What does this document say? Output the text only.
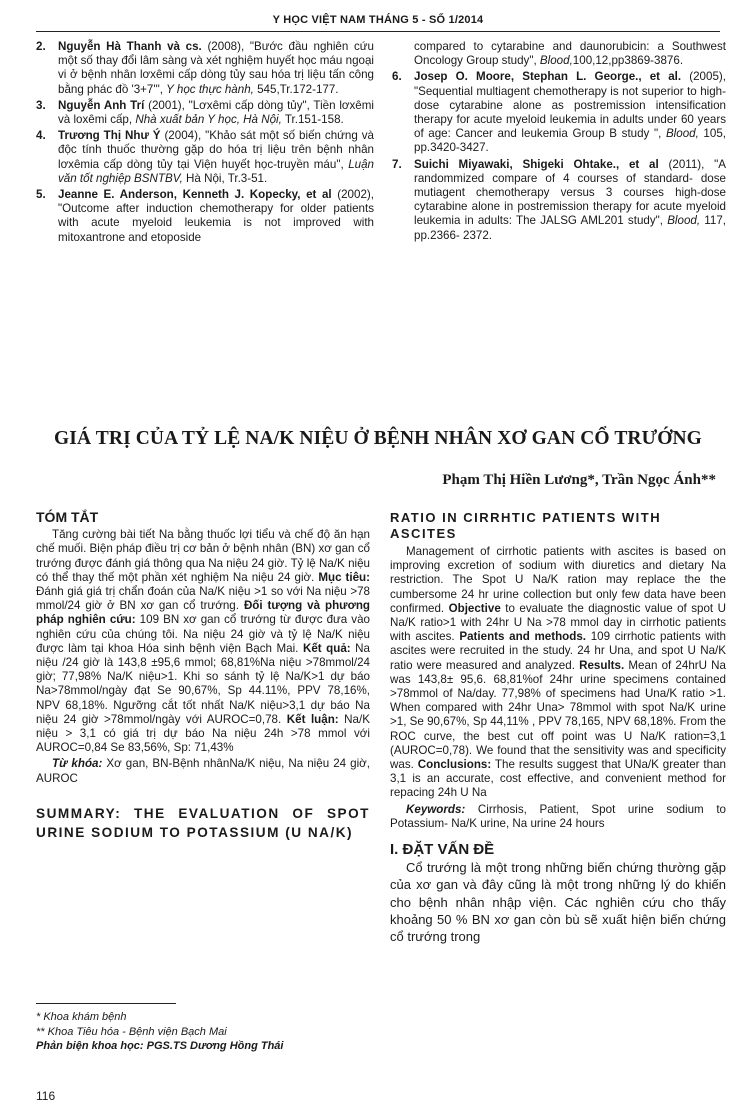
Y HỌC VIỆT NAM THÁNG 5 - SỐ 1/2014
2.	Nguyễn Hà Thanh và cs. (2008), "Bước đầu nghiên cứu một số thay đổi lâm sàng và xét nghiệm huyết học máu ngoại vi ở bệnh nhân lơxêmi cấp dòng tủy sau hóa trị liệu tấn công bằng phác đồ '3+7'", Y học thực hành, 545,Tr.172-177.
3.	Nguyễn Anh Trí (2001), "Lơxêmi cấp dòng tủy", Tiền lơxêmi và loxêmi cấp, Nhà xuất bản Y học, Hà Nội, Tr.151-158.
4.	Trương Thị Như Ý (2004), "Khảo sát một số biến chứng và độc tính thuốc thường gặp do hóa trị liệu trên bệnh nhân lơxêmia cấp dòng tủy tại Viện huyết học-truyền máu", Luận văn tốt nghiệp BSNTBV, Hà Nội, Tr.3-51.
5.	Jeanne E. Anderson, Kenneth J. Kopecky, et al (2002), "Outcome after induction chemotherapy for older patients with acute myeloid leukemia is not improved with mitoxantrone and etoposide
compared to cytarabine and daunorubicin: a Southwest Oncology Group study", Blood,100,12,pp3869-3876.
6.	Josep O. Moore, Stephan L. George., et al. (2005), "Sequential multiagent chemotherapy is not superior to high-dose cytarabine alone as postremission intensification therapy for acute myeloid leukemia in adults under 60 years of age: Cancer and leukemia Group B study ", Blood, 105, pp.3420-3427.
7.	Suichi Miyawaki, Shigeki Ohtake., et al (2011), "A randommized compare of 4 courses of standard- dose mutiagent chemotherapy versus 3 courses high-dose cytarabine alone in postremission therapy for acute myeloid leukemia in adults: The JALSG AML201 study", Blood, 117, pp.2366- 2372.
GIÁ TRỊ CỦA TỶ LỆ NA/K NIỆU Ở BỆNH NHÂN XƠ GAN CỔ TRƯỚNG
Phạm Thị Hiền Lương*, Trần Ngọc Ánh**
TÓM TẮT

Tăng cường bài tiết Na bằng thuốc lợi tiểu và chế độ ăn hạn chế muối. Biện pháp điều trị cơ bản ở bệnh nhân (BN) xơ gan cổ trướng được đánh giá thông qua Na niệu 24 giờ. Tỷ lệ Na/K niệu có thể thay thế một phần xét nghiệm Na niệu 24 giờ. Mục tiêu: Đánh giá giá trị chẩn đoán của Na/K niệu >1 so với Na niệu >78 mmol/24 giờ ở BN xơ gan cổ trướng. Đối tượng và phương pháp nghiên cứu: 109 BN xơ gan cổ trướng từ được đưa vào nghiên cứu của chúng tôi. Na niệu 24 giờ và tỷ lệ Na/K niệu được làm tại khoa Hóa sinh bệnh viện Bạch Mai. Kết quả: Na niệu /24 giờ là 143,8 ±95,6 mmol; 68,81%Na niệu >78mmol/24 giờ; 77,98% Na/K niệu>1. Khi so sánh tỷ lệ Na/K>1 dự báo Na>78mmol/ngày đạt Se 90,67%, Sp 44.11%, PPV 78,16%, NPV 68,18%. Ngưỡng cắt tốt nhất Na/K niệu>3,1 dự báo Na niệu 24 giờ >78mmol/ngày với AUROC=0,78. Kết luận: Na/K niệu > 3,1 có giá trị dự báo Na niệu 24h >78 mmol với AUROC=0,84 Se 83,56%, Sp: 71,43%

Từ khóa: Xơ gan, BN-Bệnh nhânNa/K niệu, Na niệu 24 giờ, AUROC

SUMMARY: THE EVALUATION OF SPOT URINE SODIUM TO POTASSIUM (U NA/K)
RATIO IN CIRRHTIC PATIENTS WITH ASCITES

Management of cirrhotic patients with ascites is based on improving excretion of sodium with diuretics and dietary Na restriction. The Spot U Na/K ration may replace the the cumbersome 24 hr urine collection but only few data have been confirmed. Objective to evaluate the diagnostic value of spot U Na/K ratio>1 with 24hr U Na >78 mmol day in cirrhotic patients with ascites. Patients and methods. 109 cirrhotic patients with ascites were recruited in the study. 24 hr Una, and spot U Na/K ratio were measured and analyzed. Results. Mean of 24hrU Na was 143,8± 95,6. 68,81%of 24hr urine specimens contained >78mmol of Na/day. 77,98% of specimens had Una/K ratio >1. When compared with 24hr Una> 78mmol with spot Na/K urine >1, Se 90,67%, Sp 44,11% , PPV 78,165, NPV 68,18%. From the ROC curve, the best cut off point was U Na/K ration=3,1 (AUROC=0,78). We found that the sensitivity was and specificity was. Conclusions: The results suggest that UNa/K greater than 3,1 is an accurate, cost effective, and convenient method for repacing 24h U Na

Keywords: Cirrhosis, Patient, Spot urine sodium to Potassium- Na/K urine, Na urine 24 hours

I. ĐẶT VẤN ĐỀ

Cổ trướng là một trong những biến chứng thường gặp của xơ gan và đây cũng là một trong những lý do khiến cho bệnh nhân nhập viện. Các nghiên cứu cho thấy khoảng 50 % BN xơ gan còn bù sẽ xuất hiện biến chứng cổ trướng trong

* Khoa khám bệnh
** Khoa Tiêu hóa - Bệnh viện Bạch Mai
Phản biện khoa học: PGS.TS Dương Hồng Thái
116
